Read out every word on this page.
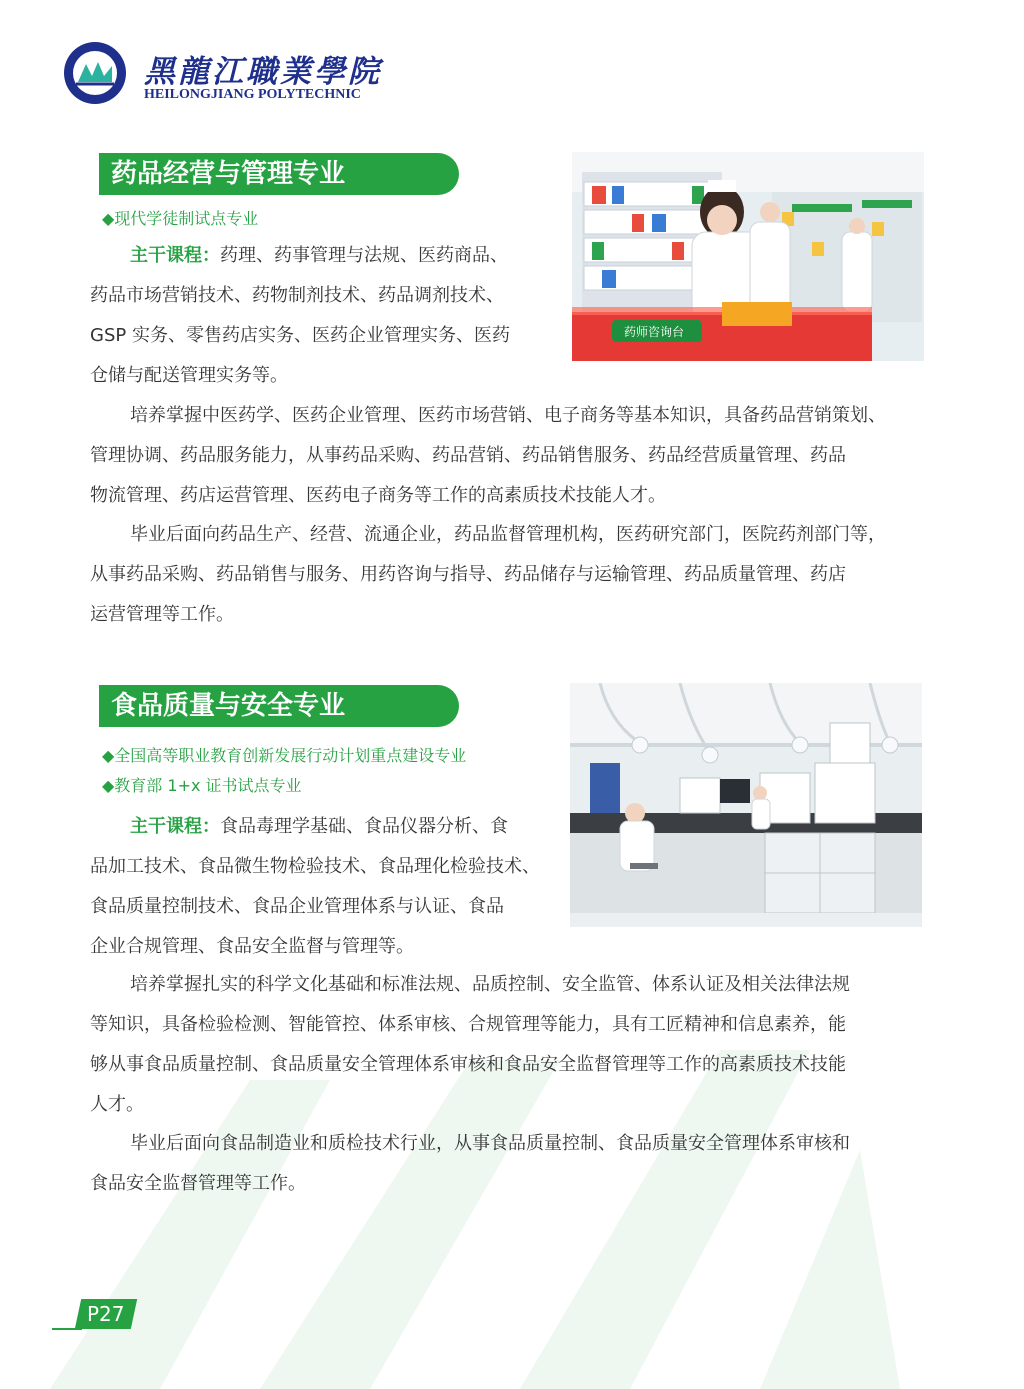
黑龍江職業學院
HEILONGJIANG POLYTECHNIC
药品经营与管理专业
◆现代学徒制试点专业
药师咨询台

主干课程：药理、药事管理与法规、医药商品、
药品市场营销技术、药物制剂技术、药品调剂技术、
GSP 实务、零售药店实务、医药企业管理实务、医药
仓储与配送管理实务等。

培养掌握中医药学、医药企业管理、医药市场营销、电子商务等基本知识，具备药品营销策划、
管理协调、药品服务能力，从事药品采购、药品营销、药品销售服务、药品经营质量管理、药品
物流管理、药店运营管理、医药电子商务等工作的高素质技术技能人才。

毕业后面向药品生产、经营、流通企业，药品监督管理机构，医药研究部门，医院药剂部门等，
从事药品采购、药品销售与服务、用药咨询与指导、药品储存与运输管理、药品质量管理、药店
运营管理等工作。

食品质量与安全专业
◆全国高等职业教育创新发展行动计划重点建设专业
◆教育部 1+x 证书试点专业

主干课程：食品毒理学基础、食品仪器分析、食
品加工技术、食品微生物检验技术、食品理化检验技术、
食品质量控制技术、食品企业管理体系与认证、食品
企业合规管理、食品安全监督与管理等。

培养掌握扎实的科学文化基础和标准法规、品质控制、安全监管、体系认证及相关法律法规
等知识，具备检验检测、智能管控、体系审核、合规管理等能力，具有工匠精神和信息素养，能
够从事食品质量控制、食品质量安全管理体系审核和食品安全监督管理等工作的高素质技术技能
人才。

毕业后面向食品制造业和质检技术行业，从事食品质量控制、食品质量安全管理体系审核和
食品安全监督管理等工作。

P27
